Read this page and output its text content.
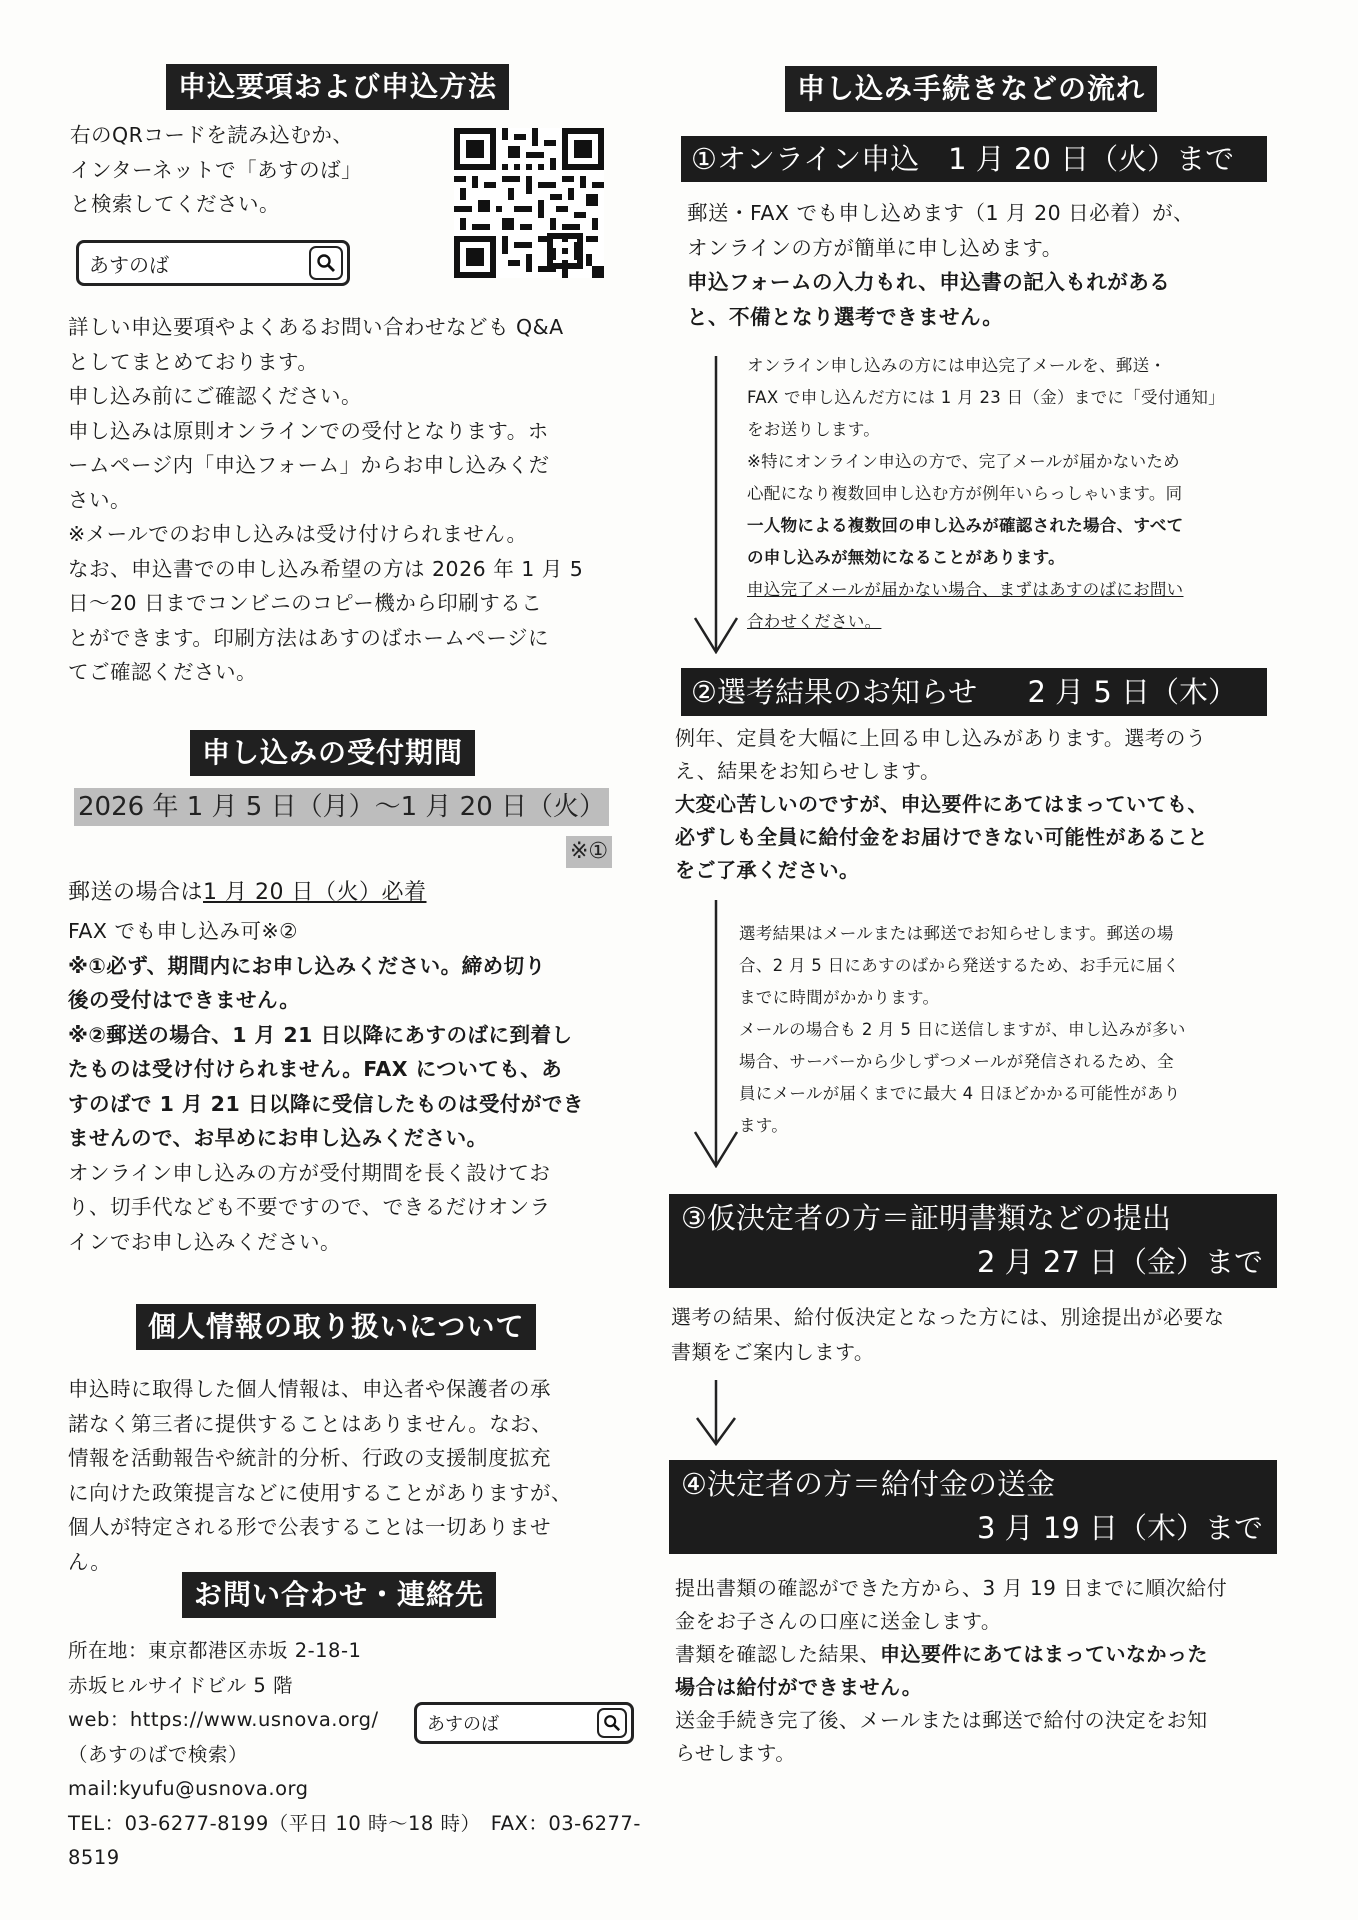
申込要項および申込方法
右のQRコードを読み込むか、
インターネットで「あすのば」
と検索してください。
あすのば
詳しい申込要項やよくあるお問い合わせなども Q&A
としてまとめております。
申し込み前にご確認ください。
申し込みは原則オンラインでの受付となります。ホ
ームページ内「申込フォーム」からお申し込みくだ
さい。
※メールでのお申し込みは受け付けられません。
なお、申込書での申し込み希望の方は 2026 年 1 月 5
日～20 日までコンビニのコピー機から印刷するこ
とができます。印刷方法はあすのばホームページに
てご確認ください。
申し込みの受付期間
2026 年 1 月 5 日（月）～1 月 20 日（火）
※①
郵送の場合は1 月 20 日（火）必着
FAX でも申し込み可※②
※①必ず、期間内にお申し込みください。締め切り
後の受付はできません。
※②郵送の場合、1 月 21 日以降にあすのばに到着し
たものは受け付けられません。FAX についても、あ
すのばで 1 月 21 日以降に受信したものは受付ができ
ませんので、お早めにお申し込みください。
オンライン申し込みの方が受付期間を長く設けてお
り、切手代なども不要ですので、できるだけオンラ
インでお申し込みください。
個人情報の取り扱いについて
申込時に取得した個人情報は、申込者や保護者の承
諾なく第三者に提供することはありません。なお、
情報を活動報告や統計的分析、行政の支援制度拡充
に向けた政策提言などに使用することがありますが、
個人が特定される形で公表することは一切ありませ
ん。
お問い合わせ・連絡先
所在地：東京都港区赤坂 2-18-1
赤坂ヒルサイドビル 5 階
web：https://www.usnova.org/
（あすのばで検索）
mail:kyufu@usnova.org
TEL：03-6277-8199（平日 10 時～18 時）　 FAX：03-6277-8519
あすのば
申し込み手続きなどの流れ
①オンライン申込　1 月 20 日（火）まで
郵送・FAX でも申し込めます（1 月 20 日必着）が、
オンラインの方が簡単に申し込めます。
申込フォームの入力もれ、申込書の記入もれがある
と、不備となり選考できません。
オンライン申し込みの方には申込完了メールを、郵送・
FAX で申し込んだ方には 1 月 23 日（金）までに「受付通知」
をお送りします。
※特にオンライン申込の方で、完了メールが届かないため
心配になり複数回申し込む方が例年いらっしゃいます。同
一人物による複数回の申し込みが確認された場合、すべて
の申し込みが無効になることがあります。
申込完了メールが届かない場合、まずはあすのばにお問い
合わせください。
②選考結果のお知らせ 2 月 5 日（木）
例年、定員を大幅に上回る申し込みがあります。選考のう
え、結果をお知らせします。
大変心苦しいのですが、申込要件にあてはまっていても、
必ずしも全員に給付金をお届けできない可能性があること
をご了承ください。
選考結果はメールまたは郵送でお知らせします。郵送の場
合、2 月 5 日にあすのばから発送するため、お手元に届く
までに時間がかかります。
メールの場合も 2 月 5 日に送信しますが、申し込みが多い
場合、サーバーから少しずつメールが発信されるため、全
員にメールが届くまでに最大 4 日ほどかかる可能性があり
ます。
③仮決定者の方＝証明書類などの提出
2 月 27 日（金）まで
選考の結果、給付仮決定となった方には、別途提出が必要な
書類をご案内します。
④決定者の方＝給付金の送金
3 月 19 日（木）まで
提出書類の確認ができた方から、3 月 19 日までに順次給付
金をお子さんの口座に送金します。
書類を確認した結果、申込要件にあてはまっていなかった
場合は給付ができません。
送金手続き完了後、メールまたは郵送で給付の決定をお知
らせします。
